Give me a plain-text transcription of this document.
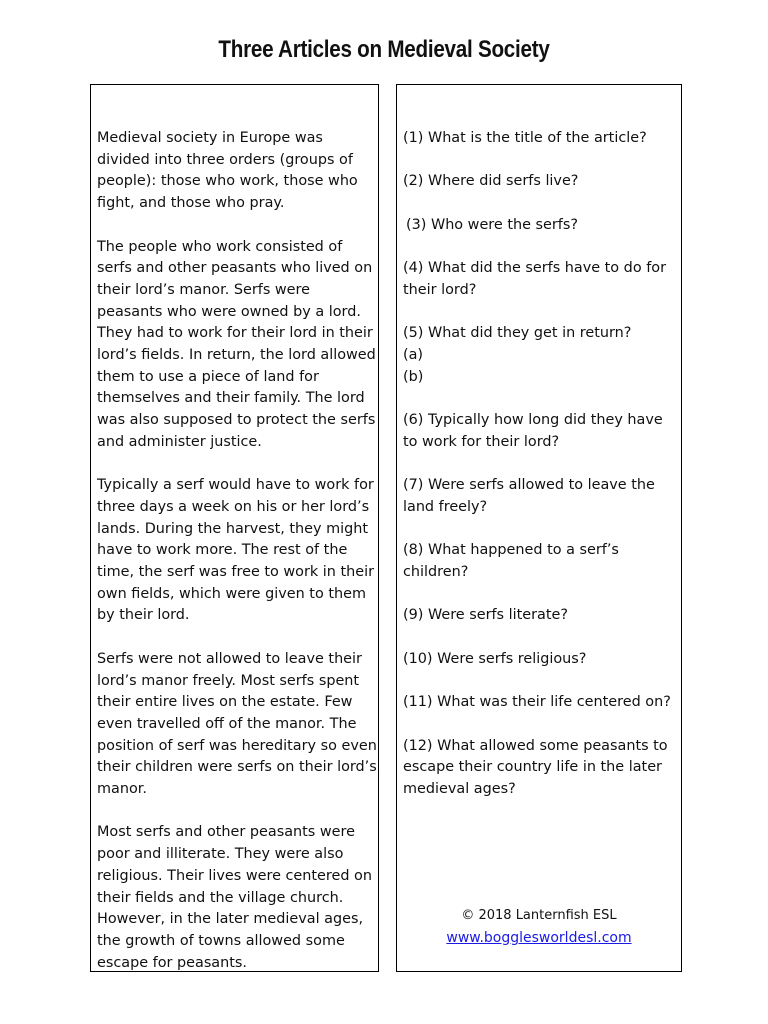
Three Articles on Medieval Society

Medieval society in Europe was divided into three orders (groups of people): those who work, those who fight, and those who pray.

The people who work consisted of serfs and other peasants who lived on their lord’s manor. Serfs were peasants who were owned by a lord. They had to work for their lord in their lord’s fields. In return, the lord allowed them to use a piece of land for themselves and their family. The lord was also supposed to protect the serfs and administer justice.

Typically a serf would have to work for three days a week on his or her lord’s lands. During the harvest, they might have to work more. The rest of the time, the serf was free to work in their own fields, which were given to them by their lord.

Serfs were not allowed to leave their lord’s manor freely. Most serfs spent their entire lives on the estate. Few even travelled off of the manor. The position of serf was hereditary so even their children were serfs on their lord’s manor.

Most serfs and other peasants were poor and illiterate. They were also religious. Their lives were centered on their fields and the village church. However, in the later medieval ages, the growth of towns allowed some escape for peasants.

(1) What is the title of the article?
(2) Where did serfs live?
(3) Who were the serfs?
(4) What did the serfs have to do for their lord?
(5) What did they get in return?
(a)
(b)
(6) Typically how long did they have to work for their lord?
(7) Were serfs allowed to leave the land freely?
(8) What happened to a serf’s children?
(9) Were serfs literate?
(10) Were serfs religious?
(11) What was their life centered on?
(12) What allowed some peasants to escape their country life in the later medieval ages?
© 2018 Lanternfish ESL
www.bogglesworldesl.com
